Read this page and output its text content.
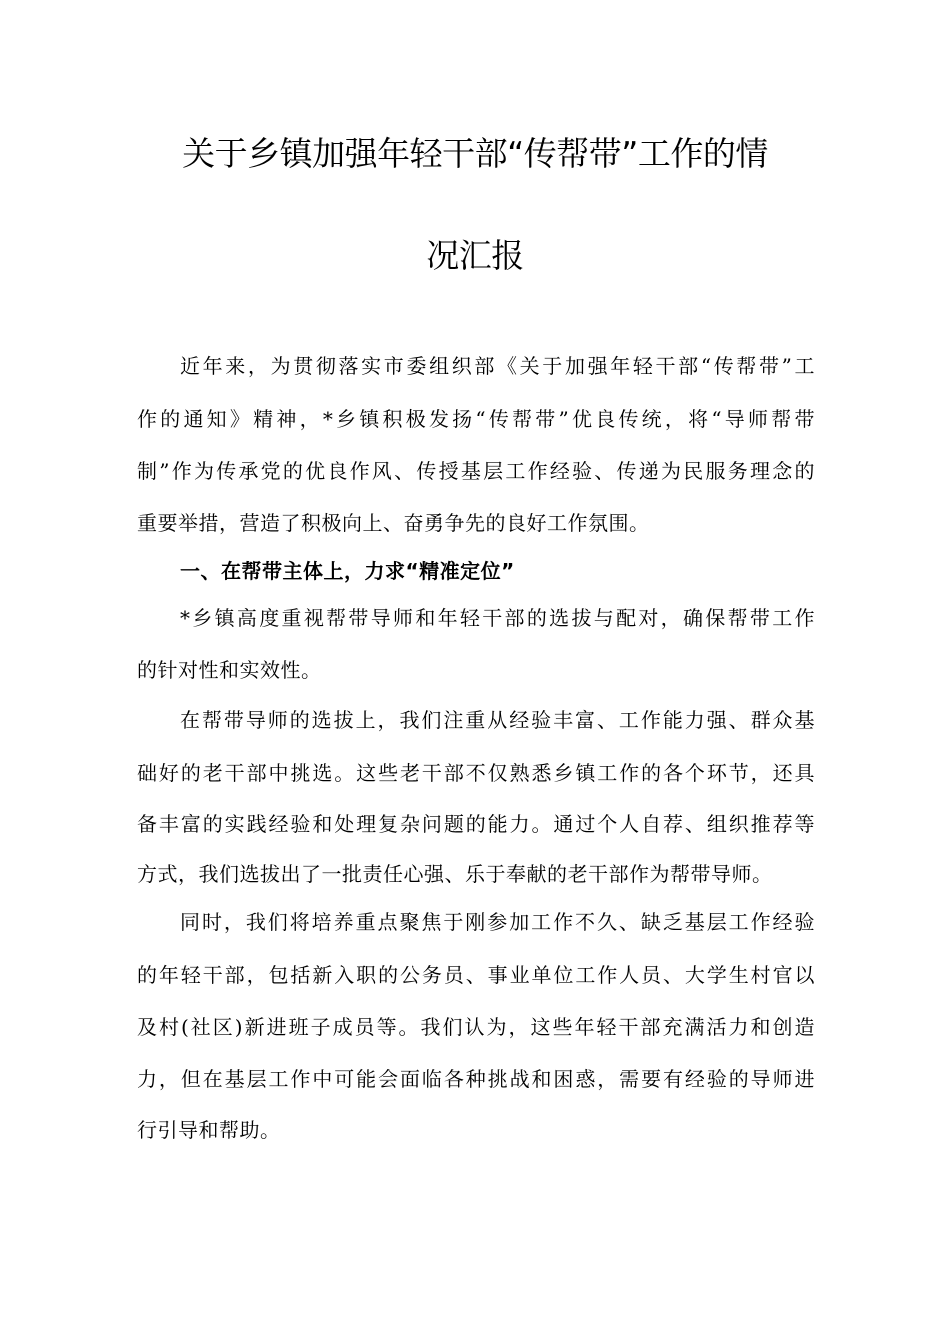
关于乡镇加强年轻干部“传帮带”工作的情
况汇报
近年来，为贯彻落实市委组织部《关于加强年轻干部“传帮带”工
作的通知》精神，*乡镇积极发扬“传帮带”优良传统，将“导师帮带
制”作为传承党的优良作风、传授基层工作经验、传递为民服务理念的
重要举措，营造了积极向上、奋勇争先的良好工作氛围。
一、在帮带主体上，力求“精准定位”
*乡镇高度重视帮带导师和年轻干部的选拔与配对，确保帮带工作
的针对性和实效性。
在帮带导师的选拔上，我们注重从经验丰富、工作能力强、群众基
础好的老干部中挑选。这些老干部不仅熟悉乡镇工作的各个环节，还具
备丰富的实践经验和处理复杂问题的能力。通过个人自荐、组织推荐等
方式，我们选拔出了一批责任心强、乐于奉献的老干部作为帮带导师。
同时，我们将培养重点聚焦于刚参加工作不久、缺乏基层工作经验
的年轻干部，包括新入职的公务员、事业单位工作人员、大学生村官以
及村(社区)新进班子成员等。我们认为，这些年轻干部充满活力和创造
力，但在基层工作中可能会面临各种挑战和困惑，需要有经验的导师进
行引导和帮助。
